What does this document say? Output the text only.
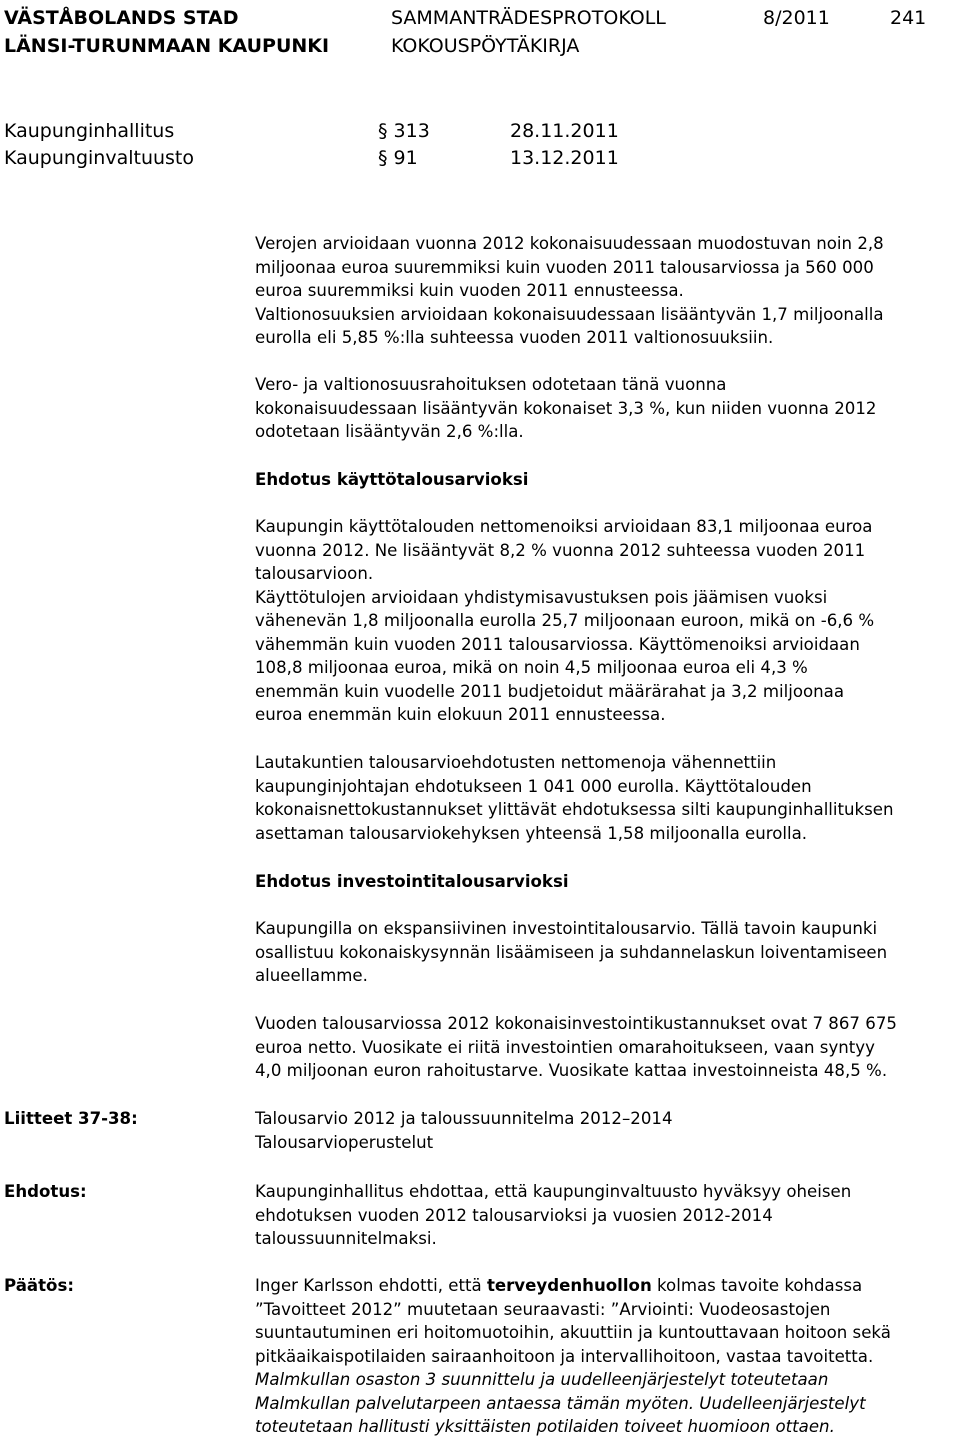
VÄSTÅBOLANDS STAD
LÄNSI-TURUNMAAN KAUPUNKI
SAMMANTRÄDESPROTOKOLL
KOKOUSPÖYTÄKIRJA
8/2011	241
Kaupunginhallitus	§ 313	28.11.2011
Kaupunginvaltuusto	§ 91	13.12.2011
Verojen arvioidaan vuonna 2012 kokonaisuudessaan muodostuvan noin 2,8
miljoonaa euroa suuremmiksi kuin vuoden 2011 talousarviossa ja 560 000
euroa suuremmiksi kuin vuoden 2011 ennusteessa.
Valtionosuuksien arvioidaan kokonaisuudessaan lisääntyvän 1,7 miljoonalla
eurolla eli 5,85 %:lla suhteessa vuoden 2011 valtionosuuksiin.
Vero- ja valtionosuusrahoituksen odotetaan tänä vuonna
kokonaisuudessaan lisääntyvän kokonaiset 3,3 %, kun niiden vuonna 2012
odotetaan lisääntyvän 2,6 %:lla.
Ehdotus käyttötalousarvioksi
Kaupungin käyttötalouden nettomenoiksi arvioidaan 83,1 miljoonaa euroa
vuonna 2012. Ne lisääntyvät 8,2 % vuonna 2012 suhteessa vuoden 2011
talousarvioon.
Käyttötulojen arvioidaan yhdistymisavustuksen pois jäämisen vuoksi
vähenevän 1,8 miljoonalla eurolla 25,7 miljoonaan euroon, mikä on -6,6 %
vähemmän kuin vuoden 2011 talousarviossa. Käyttömenoiksi arvioidaan
108,8 miljoonaa euroa, mikä on noin 4,5 miljoonaa euroa eli 4,3 %
enemmän kuin vuodelle 2011 budjetoidut määrärahat ja 3,2 miljoonaa
euroa enemmän kuin elokuun 2011 ennusteessa.
Lautakuntien talousarvioehdotusten nettomenoja vähennettiin
kaupunginjohtajan ehdotukseen 1 041 000 eurolla. Käyttötalouden
kokonaisnettokustannukset ylittävät ehdotuksessa silti kaupunginhallituksen
asettaman talousarviokehyksen yhteensä 1,58 miljoonalla eurolla.
Ehdotus investointitalousarvioksi
Kaupungilla on ekspansiivinen investointitalousarvio. Tällä tavoin kaupunki
osallistuu kokonaiskysynnän lisäämiseen ja suhdannelaskun loiventamiseen
alueellamme.
Vuoden talousarviossa 2012 kokonaisinvestointikustannukset ovat 7 867 675
euroa netto. Vuosikate ei riitä investointien omarahoitukseen, vaan syntyy
4,0 miljoonan euron rahoitustarve. Vuosikate kattaa investoinneista 48,5 %.
Liitteet 37-38:	Talousarvio 2012 ja taloussuunnitelma 2012–2014
Talousarvioperustelut
Ehdotus:	Kaupunginhallitus ehdottaa, että kaupunginvaltuusto hyväksyy oheisen
ehdotuksen vuoden 2012 talousarvioksi ja vuosien 2012-2014
taloussuunnitelmaksi.
Päätös:	Inger Karlsson ehdotti, että terveydenhuollon kolmas tavoite kohdassa
”Tavoitteet 2012” muutetaan seuraavasti: ”Arviointi: Vuodeosastojen
suuntautuminen eri hoitomuotoihin, akuuttiin ja kuntouttavaan hoitoon sekä
pitkäaikaispotilaiden sairaanhoitoon ja intervallihoitoon, vastaa tavoitetta.
Malmkullan osaston 3 suunnittelu ja uudelleenjärjestelyt toteutetaan
Malmkullan palvelutarpeen antaessa tämän myöten. Uudelleenjärjestelyt
toteutetaan hallitusti yksittäisten potilaiden toiveet huomioon ottaen.
